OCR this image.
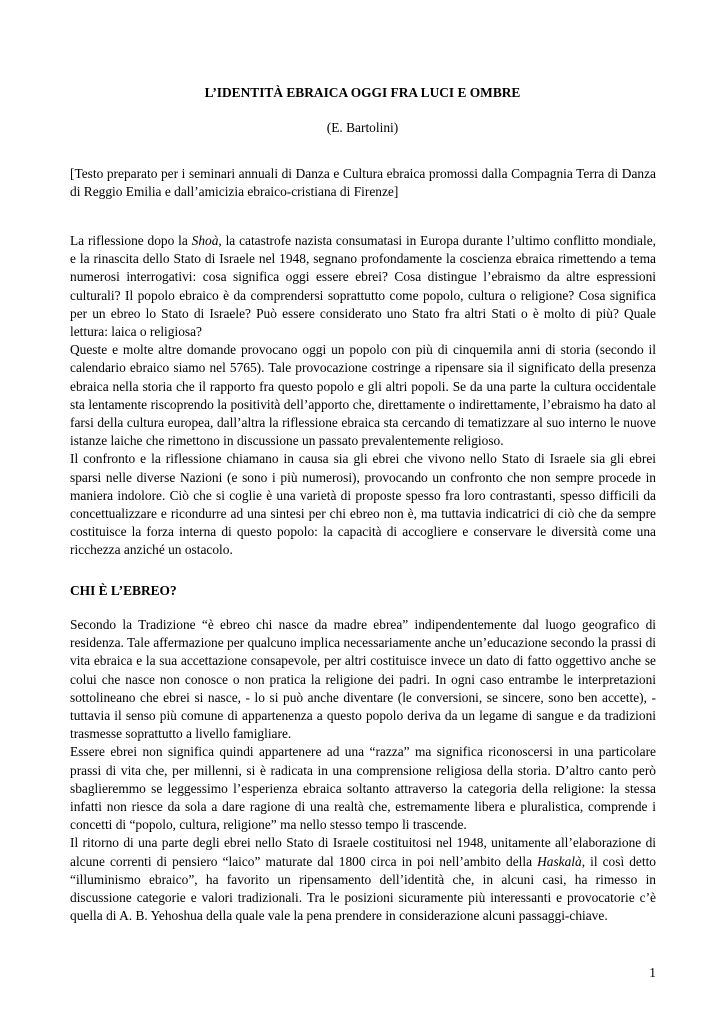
L’IDENTITÀ EBRAICA OGGI FRA LUCI E OMBRE
(E. Bartolini)

[Testo preparato per i seminari annuali di Danza e Cultura ebraica promossi dalla Compagnia Terra di Danza di Reggio Emilia e dall’amicizia ebraico-cristiana di Firenze]

La riflessione dopo la Shoà, la catastrofe nazista consumatasi in Europa durante l’ultimo conflitto mondiale, e la rinascita dello Stato di Israele nel 1948, segnano profondamente la coscienza ebraica rimettendo a tema numerosi interrogativi: cosa significa oggi essere ebrei? Cosa distingue l’ebraismo da altre espressioni culturali? Il popolo ebraico è da comprendersi soprattutto come popolo, cultura o religione? Cosa significa per un ebreo lo Stato di Israele? Può essere considerato uno Stato fra altri Stati o è molto di più? Quale lettura: laica o religiosa?

Queste e molte altre domande provocano oggi un popolo con più di cinquemila anni di storia (secondo il calendario ebraico siamo nel 5765). Tale provocazione costringe a ripensare sia il significato della presenza ebraica nella storia che il rapporto fra questo popolo e gli altri popoli. Se da una parte la cultura occidentale sta lentamente riscoprendo la positività dell’apporto che, direttamente o indirettamente, l’ebraismo ha dato al farsi della cultura europea, dall’altra la riflessione ebraica sta cercando di tematizzare al suo interno le nuove istanze laiche che rimettono in discussione un passato prevalentemente religioso.

Il confronto e la riflessione chiamano in causa sia gli ebrei che vivono nello Stato di Israele sia gli ebrei sparsi nelle diverse Nazioni (e sono i più numerosi), provocando un confronto che non sempre procede in maniera indolore. Ciò che si coglie è una varietà di proposte spesso fra loro contrastanti, spesso difficili da concettualizzare e ricondurre ad una sintesi per chi ebreo non è, ma tuttavia indicatrici di ciò che da sempre costituisce la forza interna di questo popolo: la capacità di accogliere e conservare le diversità come una ricchezza anziché un ostacolo.

CHI È L’EBREO?

Secondo la Tradizione “è ebreo chi nasce da madre ebrea” indipendentemente dal luogo geografico di residenza. Tale affermazione per qualcuno implica necessariamente anche un’educazione secondo la prassi di vita ebraica e la sua accettazione consapevole, per altri costituisce invece un dato di fatto oggettivo anche se colui che nasce non conosce o non pratica la religione dei padri. In ogni caso entrambe le interpretazioni sottolineano che ebrei si nasce, - lo si può anche diventare (le conversioni, se sincere, sono ben accette), - tuttavia il senso più comune di appartenenza a questo popolo deriva da un legame di sangue e da tradizioni trasmesse soprattutto a livello famigliare.

Essere ebrei non significa quindi appartenere ad una “razza” ma significa riconoscersi in una particolare prassi di vita che, per millenni, si è radicata in una comprensione religiosa della storia. D’altro canto però sbaglieremmo se leggessimo l’esperienza ebraica soltanto attraverso la categoria della religione: la stessa infatti non riesce da sola a dare ragione di una realtà che, estremamente libera e pluralistica, comprende i concetti di “popolo, cultura, religione” ma nello stesso tempo li trascende.

Il ritorno di una parte degli ebrei nello Stato di Israele costituitosi nel 1948, unitamente all’elaborazione di alcune correnti di pensiero “laico” maturate dal 1800 circa in poi nell’ambito della Haskalà, il così detto “illuminismo ebraico”, ha favorito un ripensamento dell’identità che, in alcuni casi, ha rimesso in discussione categorie e valori tradizionali. Tra le posizioni sicuramente più interessanti e provocatorie c’è quella di A. B. Yehoshua della quale vale la pena prendere in considerazione alcuni passaggi-chiave.

1
